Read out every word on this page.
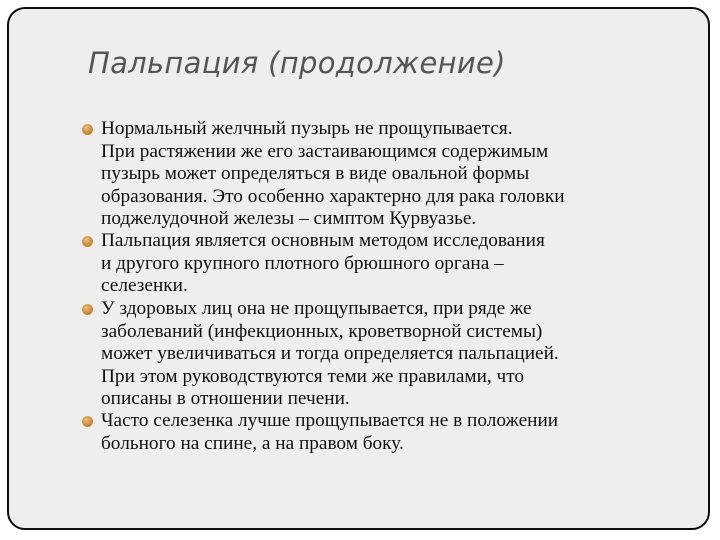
Пальпация (продолжение)
Нормальный желчный пузырь не прощупывается.
При растяжении же его застаивающимся содержимым
пузырь может определяться в виде овальной формы
образования. Это особенно характерно для рака головки
поджелудочной железы – симптом Курвуазье.
Пальпация является основным методом исследования
и другого крупного плотного брюшного органа –
селезенки.
У здоровых лиц она не прощупывается, при ряде же
заболеваний (инфекционных, кроветворной системы)
может увеличиваться и тогда определяется пальпацией.
При этом руководствуются теми же правилами, что
описаны в отношении печени.
Часто селезенка лучше прощупывается не в положении
больного на спине, а на правом боку.
